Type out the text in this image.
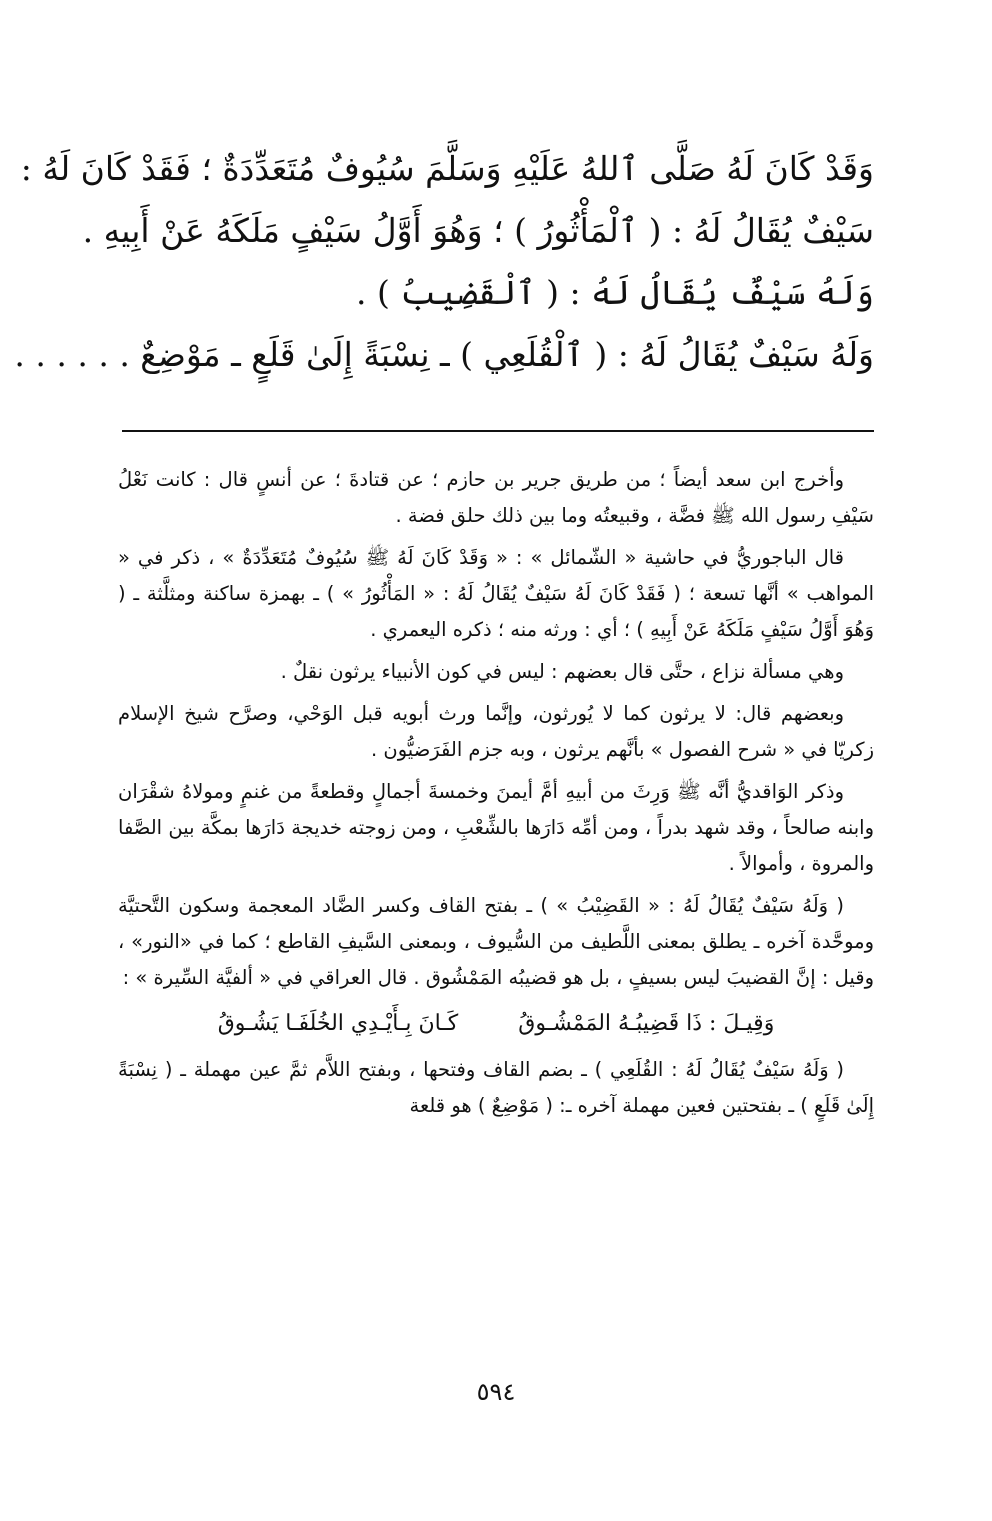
وَقَدْ كَانَ لَهُ صَلَّى ٱللهُ عَلَيْهِ وَسَلَّمَ سُيُوفٌ مُتَعَدِّدَةٌ ؛ فَقَدْ كَانَ لَهُ :
سَيْفٌ يُقَالُ لَهُ : ( ٱلْمَأْثُورُ ) ؛ وَهُوَ أَوَّلُ سَيْفٍ مَلَكَهُ عَنْ أَبِيهِ .
وَلَهُ سَيْفٌ يُقَالُ لَهُ : ( ٱلْقَضِيبُ ) .
وَلَهُ سَيْفٌ يُقَالُ لَهُ : ( ٱلْقُلَعِي ) ـ نِسْبَةً إِلَىٰ قَلَعٍ ـ مَوْضِعٌ . . . . . .

وأخرج ابن سعد أيضاً ؛ من طريق جرير بن حازم ؛ عن قتادةَ ؛ عن أنسٍ قال : كانت نَعْلُ سَيْفِ رسول الله ﷺ فضَّة ، وقبيعتُه وما بين ذلك حلق فضة .

قال الباجوريُّ في حاشية « الشّمائل » : « وَقَدْ كَانَ لَهُ ﷺ سُيُوفٌ مُتَعَدِّدَةٌ » ، ذكر في « المواهب » أنَّها تسعة ؛ ( فَقَدْ كَانَ لَهُ سَيْفٌ يُقَالُ لَهُ : « المَأْثُورُ » ) ـ بهمزة ساكنة ومثلَّثة ـ ( وَهُوَ أَوَّلُ سَيْفٍ مَلَكَهُ عَنْ أَبِيهِ ) ؛ أي : ورثه منه ؛ ذكره اليعمري .

وهي مسألة نزاع ، حتَّى قال بعضهم : ليس في كون الأنبياء يرثون نقلٌ .

وبعضهم قال: لا يرثون كما لا يُورثون، وإنَّما ورث أبويه قبل الوَحْي، وصرَّح شيخ الإسلام زكريّا في « شرح الفصول » بأنَّهم يرثون ، وبه جزم الفَرَضيُّون .

وذكر الوَاقديُّ أنَّه ﷺ وَرِثَ من أبيهِ أمَّ أيمنَ وخمسةَ أجمالٍ وقطعةً من غنمٍ ومولاهُ شقْرَان وابنه صالحاً ، وقد شهد بدراً ، ومن أمِّه دَارَها بالشِّعْبِ ، ومن زوجته خديجة دَارَها بمكَّة بين الصَّفا والمروة ، وأموالاً .

( وَلَهُ سَيْفٌ يُقَالُ لَهُ : « القَضِيْبُ » ) ـ بفتح القاف وكسر الضَّاد المعجمة وسكون التَّحتيَّة وموحَّدة آخره ـ يطلق بمعنى اللَّطيف من السُّيوف ، وبمعنى السَّيفِ القاطع ؛ كما في «النور» ، وقيل : إنَّ القضيبَ ليس بسيفٍ ، بل هو قضيبُه المَمْشُوق . قال العراقي في « ألفيَّة السِّيرة » :

وَقِيـلَ : ذَا قَضِيبُـهُ المَمْشُـوقُ
كَـانَ بِـأَيْـدِي الخُلَفَـا يَشُـوقُ

( وَلَهُ سَيْفٌ يُقَالُ لَهُ : القُلَعِي ) ـ بضم القاف وفتحها ، وبفتح اللاَّم ثمَّ عين مهملة ـ ( نِسْبَةً إِلَىٰ قَلَعٍ ) ـ بفتحتين فعين مهملة آخره ـ: ( مَوْضِعٌ ) هو قلعة

٥٩٤
